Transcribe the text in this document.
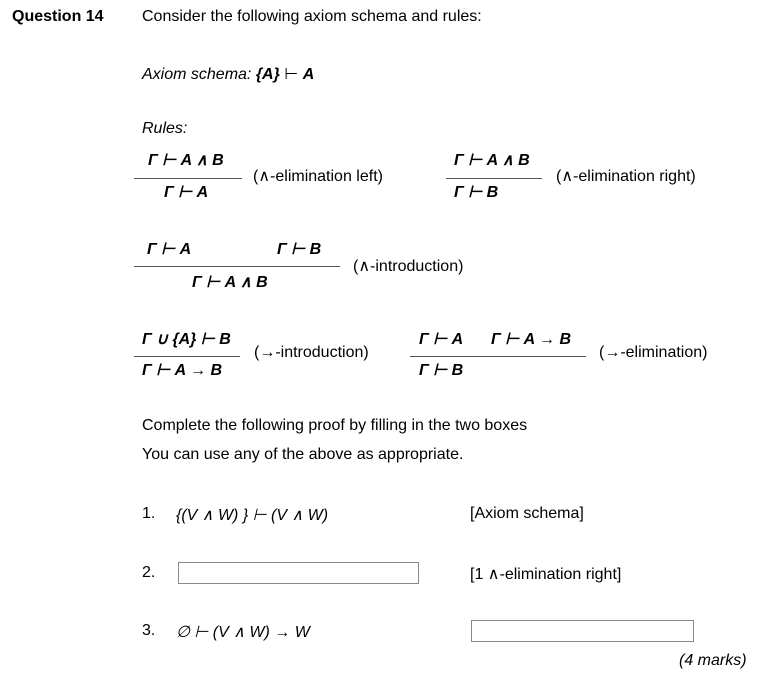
Question 14 Consider the following axiom schema and rules:
Axiom schema: {A} ⊢ A
Rules:
Γ ⊢ A ∧ B
Γ ⊢ A
(∧-elimination left)
Γ ⊢ A ∧ B
Γ ⊢ B
(∧-elimination right)
Γ ⊢ A	Γ ⊢ B
Γ ⊢ A ∧ B
(∧-introduction)
Γ ∪ {A} ⊢ B
Γ ⊢ A → B
(→-introduction)
Γ ⊢ A Γ ⊢ A → B
Γ ⊢ B
(→-elimination)
Complete the following proof by filling in the two boxes
You can use any of the above as appropriate.
1. {(V ∧ W) } ⊢ (V ∧ W)	[Axiom schema]
2.	[1 ∧-elimination right]
3. ∅ ⊢ (V ∧ W) → W
(4 marks)
